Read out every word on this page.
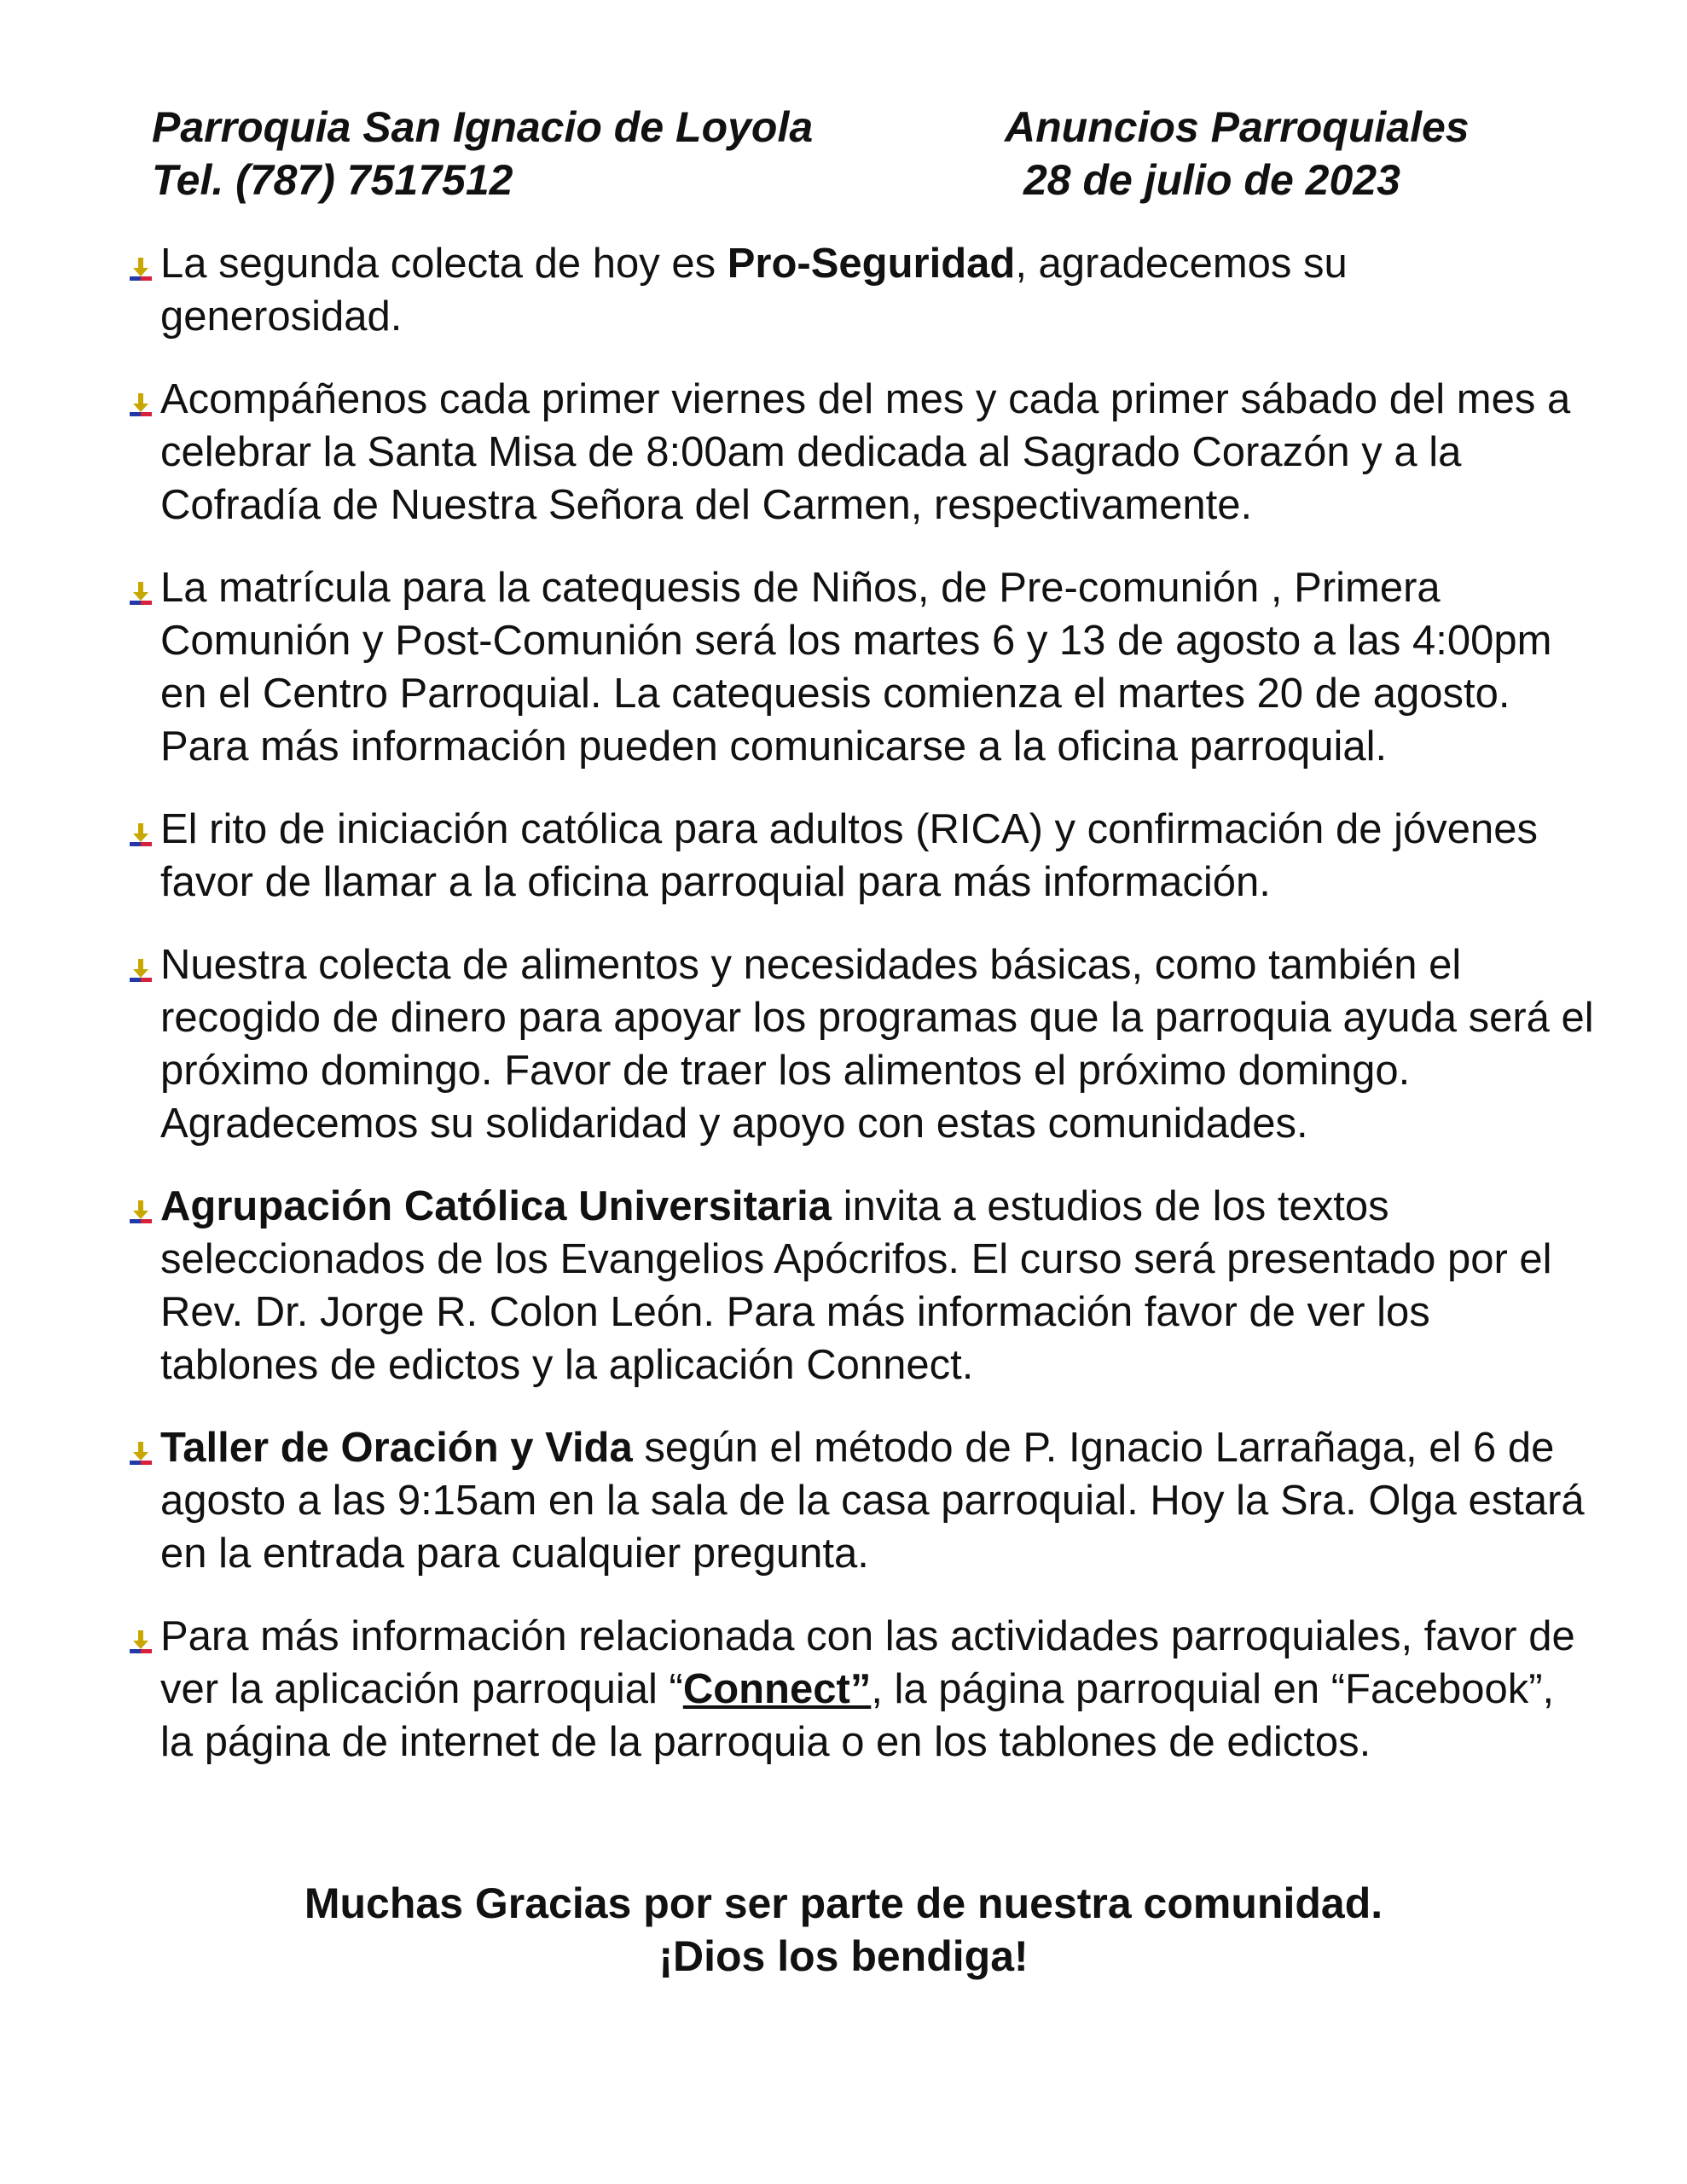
Parroquia San Ignacio de Loyola
Tel. (787) 7517512
Anuncios Parroquiales
28 de julio de 2023
La segunda colecta de hoy es Pro-Seguridad, agradecemos su generosidad.
Acompáñenos cada primer viernes del mes y cada primer sábado del mes a celebrar la Santa Misa de 8:00am dedicada al Sagrado Corazón y a la Cofradía de Nuestra Señora del Carmen, respectivamente.
La matrícula para la catequesis de Niños, de Pre-comunión , Primera Comunión y Post-Comunión será los martes 6 y 13 de agosto a las 4:00pm en el Centro Parroquial. La catequesis comienza el martes 20 de agosto. Para más información pueden comunicarse a la oficina parroquial.
El rito de iniciación católica para adultos (RICA) y confirmación de jóvenes favor de llamar a la oficina parroquial para más información.
Nuestra colecta de alimentos y necesidades básicas, como también el recogido de dinero para apoyar los programas que la parroquia ayuda será el próximo domingo. Favor de traer los alimentos el próximo domingo. Agradecemos su solidaridad y apoyo con estas comunidades.
Agrupación Católica Universitaria invita a estudios de los textos seleccionados de los Evangelios Apócrifos. El curso será presentado por el Rev. Dr. Jorge R. Colon León. Para más información favor de ver los tablones de edictos y la aplicación Connect.
Taller de Oración y Vida según el método de P. Ignacio Larrañaga, el 6 de agosto a las 9:15am en la sala de la casa parroquial. Hoy la Sra. Olga estará en la entrada para cualquier pregunta.
Para más información relacionada con las actividades parroquiales, favor de ver la aplicación parroquial “Connect”, la página parroquial en “Facebook”, la página de internet de la parroquia o en los tablones de edictos.
Muchas Gracias por ser parte de nuestra comunidad.
¡Dios los bendiga!
